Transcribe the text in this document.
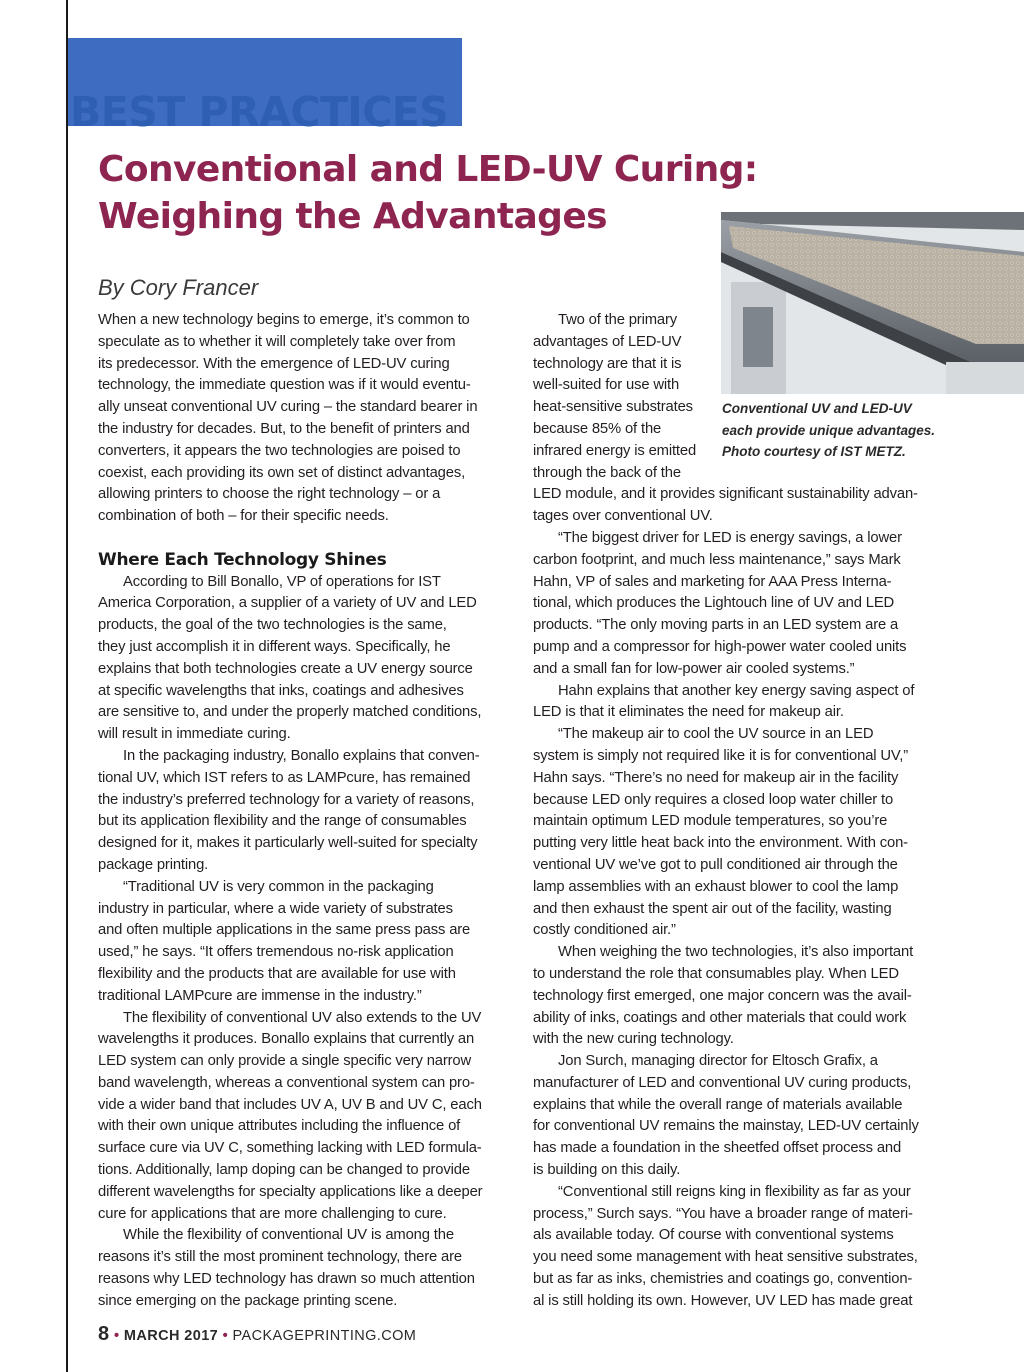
BEST PRACTICES
Conventional and LED-UV Curing:
Weighing the Advantages

By Cory Francer

Conventional UV and LED-UV
each provide unique advantages.
Photo courtesy of IST METZ.

When a new technology begins to emerge, it’s common to
speculate as to whether it will completely take over from
its predecessor. With the emergence of LED-UV curing
technology, the immediate question was if it would eventu-
ally unseat conventional UV curing – the standard bearer in
the industry for decades. But, to the benefit of printers and
converters, it appears the two technologies are poised to
coexist, each providing its own set of distinct advantages,
allowing printers to choose the right technology – or a
combination of both – for their specific needs.
Where Each Technology Shines
According to Bill Bonallo, VP of operations for IST
America Corporation, a supplier of a variety of UV and LED
products, the goal of the two technologies is the same,
they just accomplish it in different ways. Specifically, he
explains that both technologies create a UV energy source
at specific wavelengths that inks, coatings and adhesives
are sensitive to, and under the properly matched conditions,
will result in immediate curing.
In the packaging industry, Bonallo explains that conven-
tional UV, which IST refers to as LAMPcure, has remained
the industry’s preferred technology for a variety of reasons,
but its application flexibility and the range of consumables
designed for it, makes it particularly well-suited for specialty
package printing.
“Traditional UV is very common in the packaging
industry in particular, where a wide variety of substrates
and often multiple applications in the same press pass are
used,” he says. “It offers tremendous no-risk application
flexibility and the products that are available for use with
traditional LAMPcure are immense in the industry.”
The flexibility of conventional UV also extends to the UV
wavelengths it produces. Bonallo explains that currently an
LED system can only provide a single specific very narrow
band wavelength, whereas a conventional system can pro-
vide a wider band that includes UV A, UV B and UV C, each
with their own unique attributes including the influence of
surface cure via UV C, something lacking with LED formula-
tions. Additionally, lamp doping can be changed to provide
different wavelengths for specialty applications like a deeper
cure for applications that are more challenging to cure.
While the flexibility of conventional UV is among the
reasons it’s still the most prominent technology, there are
reasons why LED technology has drawn so much attention
since emerging on the package printing scene.
Two of the primary
advantages of LED-UV
technology are that it is
well-suited for use with
heat-sensitive substrates
because 85% of the
infrared energy is emitted
through the back of the
LED module, and it provides significant sustainability advan-
tages over conventional UV.
“The biggest driver for LED is energy savings, a lower
carbon footprint, and much less maintenance,” says Mark
Hahn, VP of sales and marketing for AAA Press Interna-
tional, which produces the Lightouch line of UV and LED
products. “The only moving parts in an LED system are a
pump and a compressor for high-power water cooled units
and a small fan for low-power air cooled systems.”
Hahn explains that another key energy saving aspect of
LED is that it eliminates the need for makeup air.
“The makeup air to cool the UV source in an LED
system is simply not required like it is for conventional UV,”
Hahn says. “There’s no need for makeup air in the facility
because LED only requires a closed loop water chiller to
maintain optimum LED module temperatures, so you’re
putting very little heat back into the environment. With con-
ventional UV we’ve got to pull conditioned air through the
lamp assemblies with an exhaust blower to cool the lamp
and then exhaust the spent air out of the facility, wasting
costly conditioned air.”
When weighing the two technologies, it’s also important
to understand the role that consumables play. When LED
technology first emerged, one major concern was the avail-
ability of inks, coatings and other materials that could work
with the new curing technology.
Jon Surch, managing director for Eltosch Grafix, a
manufacturer of LED and conventional UV curing products,
explains that while the overall range of materials available
for conventional UV remains the mainstay, LED-UV certainly
has made a foundation in the sheetfed offset process and
is building on this daily.
“Conventional still reigns king in flexibility as far as your
process,” Surch says. “You have a broader range of materi-
als available today. Of course with conventional systems
you need some management with heat sensitive substrates,
but as far as inks, chemistries and coatings go, convention-
al is still holding its own. However, UV LED has made great
8 • MARCH 2017 • PACKAGEPRINTING.COM
